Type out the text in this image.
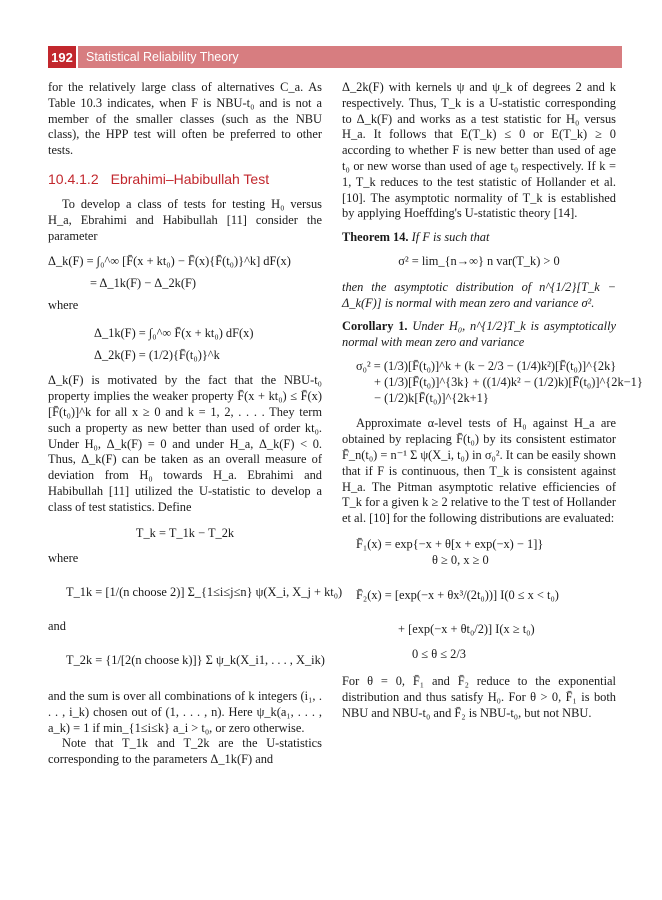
192	Statistical Reliability Theory

for the relatively large class of alternatives C_a. As Table 10.3 indicates, when F is NBU-t₀ and is not a member of the smaller classes (such as the NBU class), the HPP test will often be preferred to other tests.

10.4.1.2 Ebrahimi–Habibullah Test

To develop a class of tests for testing H₀ versus H_a, Ebrahimi and Habibullah [11] consider the parameter

Δ_k(F) = ∫₀^∞ [F̄(x + kt₀) − F̄(x){F̄(t₀)}^k] dF(x)
= Δ_1k(F) − Δ_2k(F)

where

Δ_1k(F) = ∫₀^∞ F̄(x + kt₀) dF(x)
Δ_2k(F) = (1/2){F̄(t₀)}^k

Δ_k(F) is motivated by the fact that the NBU-t₀ property implies the weaker property F̄(x + kt₀) ≤ F̄(x)[F̄(t₀)]^k for all x ≥ 0 and k = 1, 2, . . . . They term such a property as new better than used of order kt₀. Under H₀, Δ_k(F) = 0 and under H_a, Δ_k(F) < 0. Thus, Δ_k(F) can be taken as an overall measure of deviation from H₀ towards H_a. Ebrahimi and Habibullah [11] utilized the U-statistic to develop a class of test statistics. Define

T_k = T_1k − T_2k

where

T_1k = [1/(n choose 2)] Σ_{1≤i≤j≤n} ψ(X_i, X_j + kt₀)

and

T_2k = {1/[2(n choose k)]} Σ ψ_k(X_i1, . . . , X_ik)

and the sum is over all combinations of k integers (i₁, . . . , i_k) chosen out of (1, . . . , n). Here ψ_k(a₁, . . . , a_k) = 1 if min_{1≤i≤k} a_i > t₀, or zero otherwise.

Note that T_1k and T_2k are the U-statistics corresponding to the parameters Δ_1k(F) and

Δ_2k(F) with kernels ψ and ψ_k of degrees 2 and k respectively. Thus, T_k is a U-statistic corresponding to Δ_k(F) and works as a test statistic for H₀ versus H_a. It follows that E(T_k) ≤ 0 or E(T_k) ≥ 0 according to whether F is new better than used of age t₀ or new worse than used of age t₀ respectively. If k = 1, T_k reduces to the test statistic of Hollander et al. [10]. The asymptotic normality of T_k is established by applying Hoeffding's U-statistic theory [14].

Theorem 14. If F is such that

σ² = lim_{n→∞} n var(T_k) > 0

then the asymptotic distribution of n^{1/2}[T_k − Δ_k(F)] is normal with mean zero and variance σ².

Corollary 1. Under H₀, n^{1/2}T_k is asymptotically normal with mean zero and variance

σ₀² = (1/3)[F̄(t₀)]^k + (k − 2/3 − (1/4)k²)[F̄(t₀)]^{2k}
+ (1/3)[F̄(t₀)]^{3k} + ((1/4)k² − (1/2)k)[F̄(t₀)]^{2k−1}
− (1/2)k[F̄(t₀)]^{2k+1}

Approximate α-level tests of H₀ against H_a are obtained by replacing F̄(t₀) by its consistent estimator F̄_n(t₀) = n⁻¹ Σ ψ(X_i, t₀) in σ₀². It can be easily shown that if F is continuous, then T_k is consistent against H_a. The Pitman asymptotic relative efficiencies of T_k for a given k ≥ 2 relative to the T test of Hollander et al. [10] for the following distributions are evaluated:

F̄₁(x) = exp{−x + θ[x + exp(−x) − 1]}
θ ≥ 0, x ≥ 0
F̄₂(x) = [exp(−x + θx³/(2t₀))] I(0 ≤ x < t₀)
+ [exp(−x + θt₀/2)] I(x ≥ t₀)
0 ≤ θ ≤ 2/3

For θ = 0, F̄₁ and F̄₂ reduce to the exponential distribution and thus satisfy H₀. For θ > 0, F̄₁ is both NBU and NBU-t₀ and F̄₂ is NBU-t₀, but not NBU.
